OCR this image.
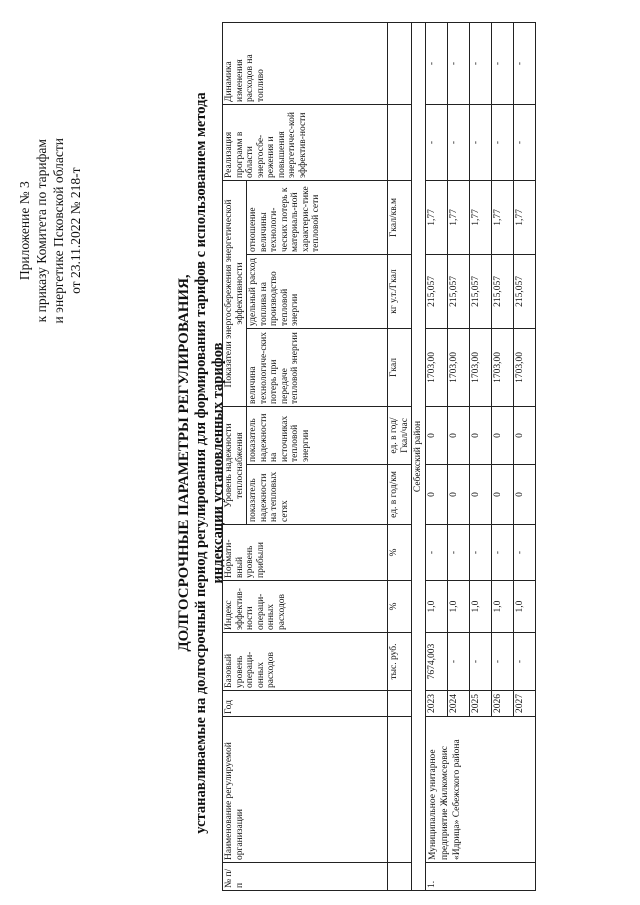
Приложение № 3 к приказу Комитета по тарифам и энергетике Псковской области от 23.11.2022 № 218-т
ДОЛГОСРОЧНЫЕ ПАРАМЕТРЫ РЕГУЛИРОВАНИЯ, устанавливаемые на долгосрочный период регулирования для формирования тарифов с использованием метода индексации установленных тарифов
№ п/п	Наименование регулируемой организации	Год	Базовый уровень операци-онных расходов	Индекс эффектив-ности операци-онных расходов	Нормати-вный уровень прибыли	Уровень надежности теплоснабжения		Показатели энергосбережения энергетической эффективности			Реализация программ в области энергосбе-режения и повышения энергетичес-кой эффектив-ности	Динамика изменения расходов на топливо
						показатель надежности на тепловых сетях	показатель надежности на источниках тепловой энергии	величина технологиче-ских потерь при передаче тепловой энергии	удельный расход топлива на производство тепловой энергии	отношение величины технологи-ческих потерь к материаль-ной характерис-тике тепловой сети		
			тыс. руб.	%	%	ед. в год/км	ед. в год/Гкал/час	Гкал	кг у.т./Гкал	Гкал/кв.м		
Себежский район												
1.	Муниципальное унитарное предприятие Жилкомсервис «Идрица» Себежского района	2023	7674,003	1,0	-	0	0	1703,00	215,057	1,77	-	-
		2024	-	1,0	-	0	0	1703,00	215,057	1,77	-	-
		2025	-	1,0	-	0	0	1703,00	215,057	1,77	-	-
		2026	-	1,0	-	0	0	1703,00	215,057	1,77	-	-
		2027	-	1,0	-	0	0	1703,00	215,057	1,77	-	-
